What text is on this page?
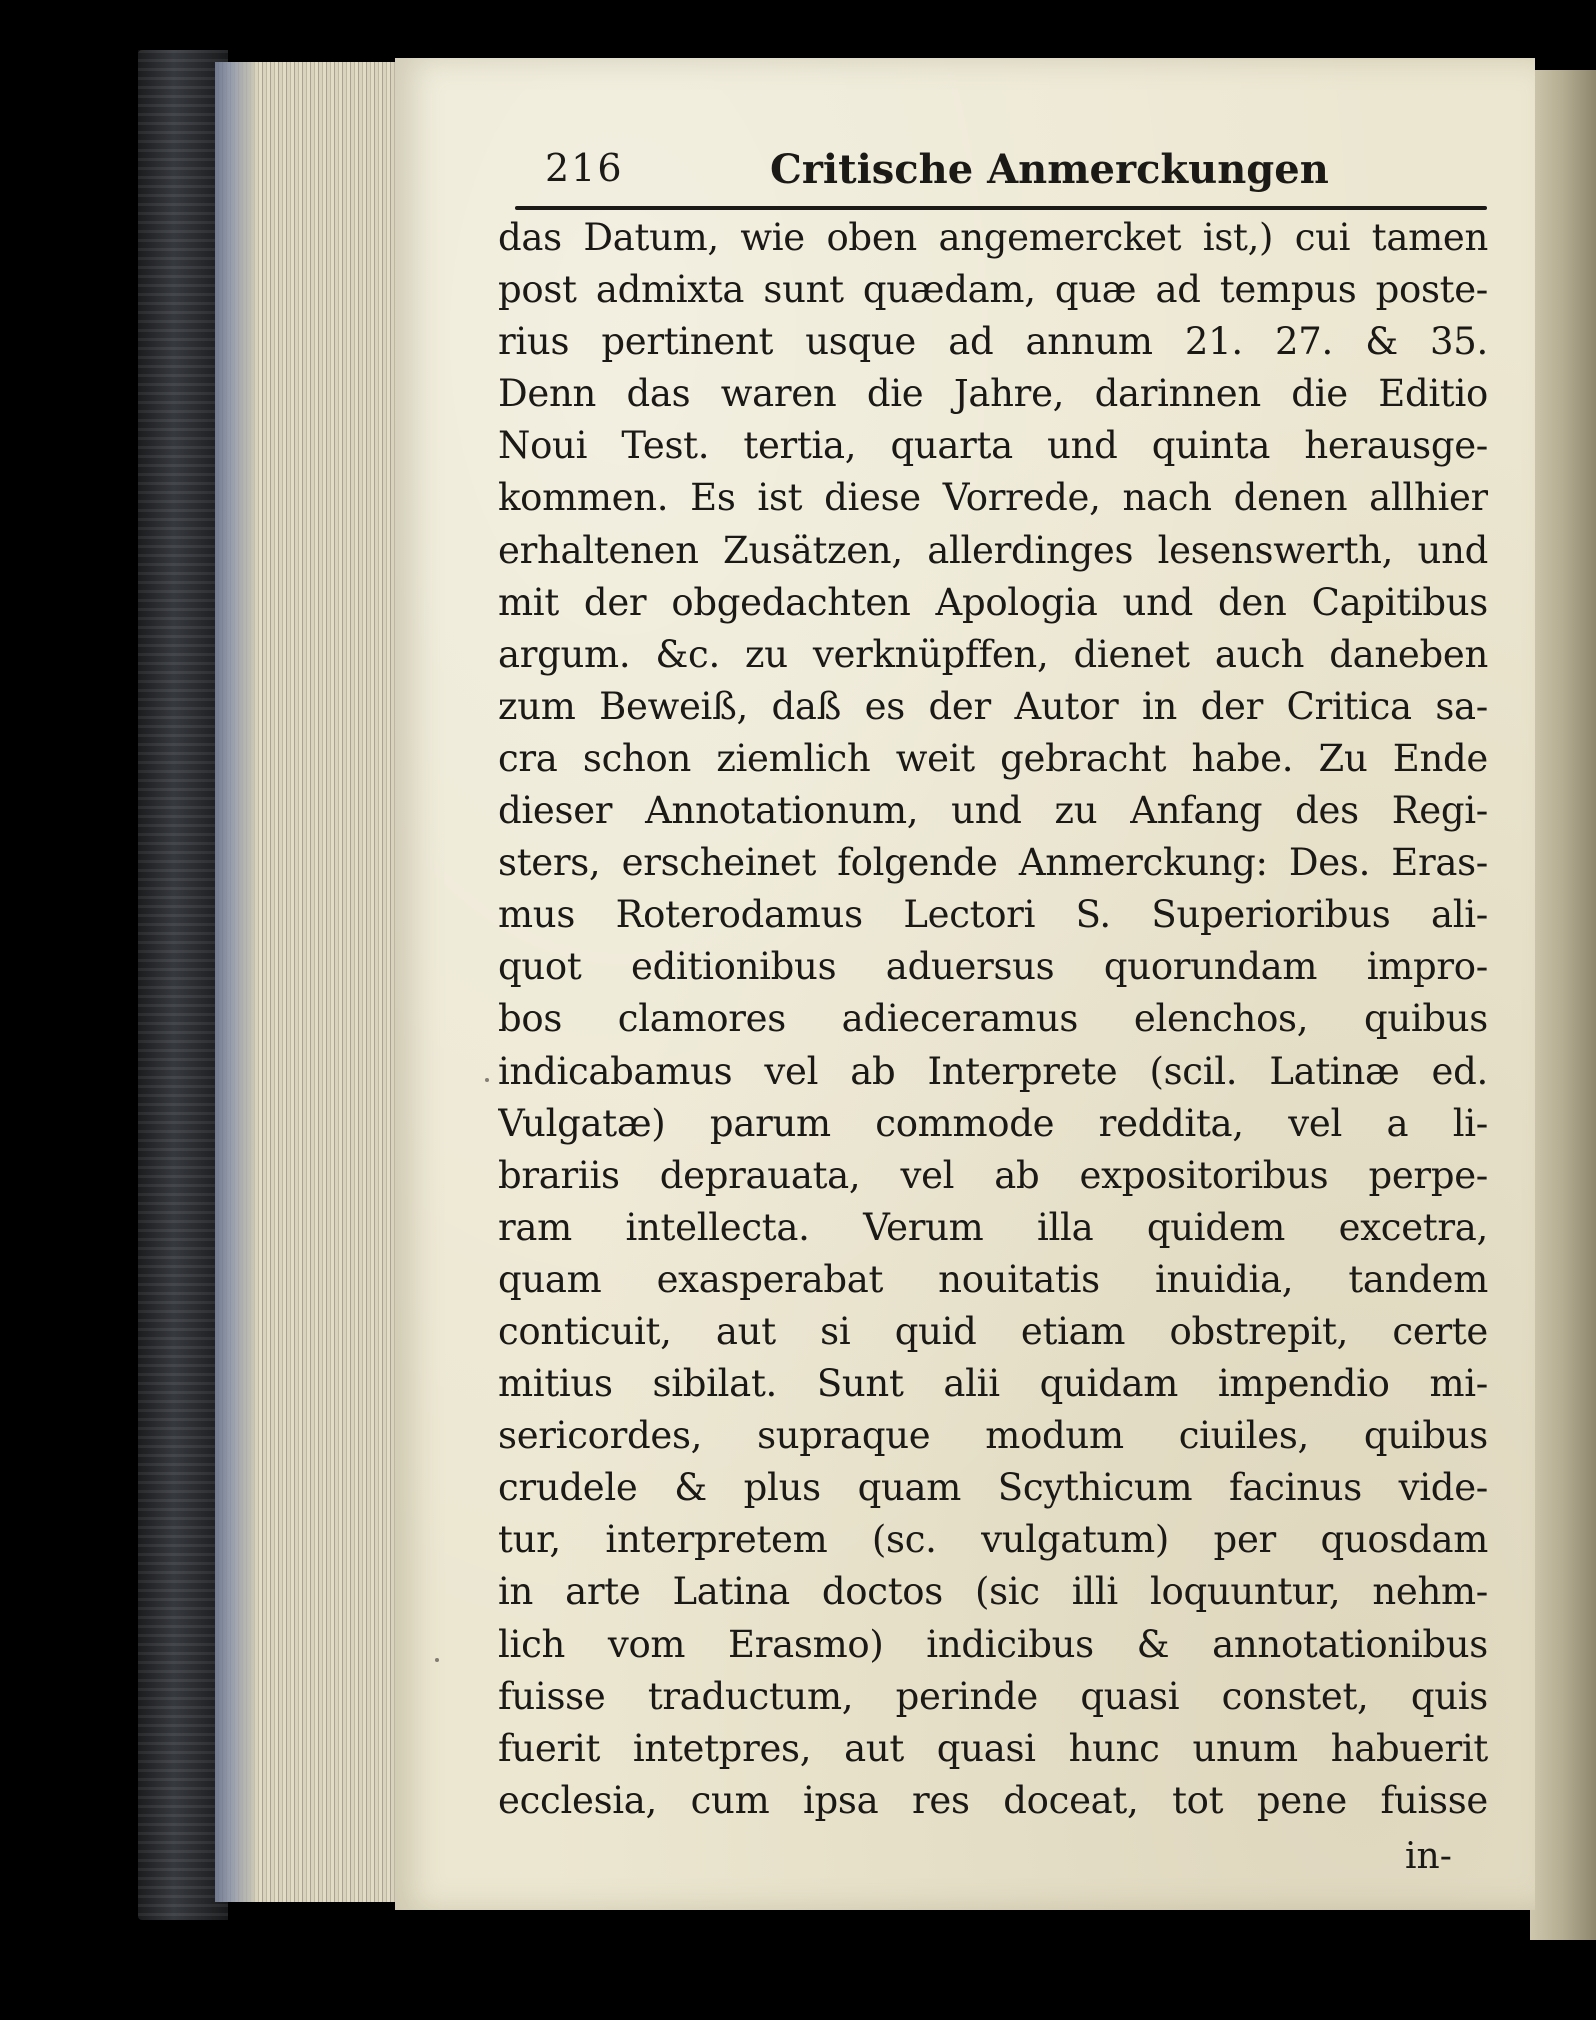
216	Critische Anmerckungen
das Datum, wie oben angemercket ist,) cui tamen
post admixta sunt quædam, quæ ad tempus poste-
rius pertinent usque ad annum 21. 27. & 35.
Denn das waren die Jahre, darinnen die Editio
Noui Test. tertia, quarta und quinta herausge-
kommen. Es ist diese Vorrede, nach denen allhier
erhaltenen Zusätzen, allerdinges lesenswerth, und
mit der obgedachten Apologia und den Capitibus
argum. &c. zu verknüpffen, dienet auch daneben
zum Beweiß, daß es der Autor in der Critica sa-
cra schon ziemlich weit gebracht habe. Zu Ende
dieser Annotationum, und zu Anfang des Regi-
sters, erscheinet folgende Anmerckung: Des. Eras-
mus Roterodamus Lectori S. Superioribus ali-
quot editionibus aduersus quorundam impro-
bos clamores adieceramus elenchos, quibus
indicabamus vel ab Interprete (scil. Latinæ ed.
Vulgatæ) parum commode reddita, vel a li-
brariis deprauata, vel ab expositoribus perpe-
ram intellecta. Verum illa quidem excetra,
quam exasperabat nouitatis inuidia, tandem
conticuit, aut si quid etiam obstrepit, certe
mitius sibilat. Sunt alii quidam impendio mi-
sericordes, supraque modum ciuiles, quibus
crudele & plus quam Scythicum facinus vide-
tur, interpretem (sc. vulgatum) per quosdam
in arte Latina doctos (sic illi loquuntur, nehm-
lich vom Erasmo) indicibus & annotationibus
fuisse traductum, perinde quasi constet, quis
fuerit intetpres, aut quasi hunc unum habuerit
ecclesia, cum ipsa res doceat, tot pene fuisse
in-
